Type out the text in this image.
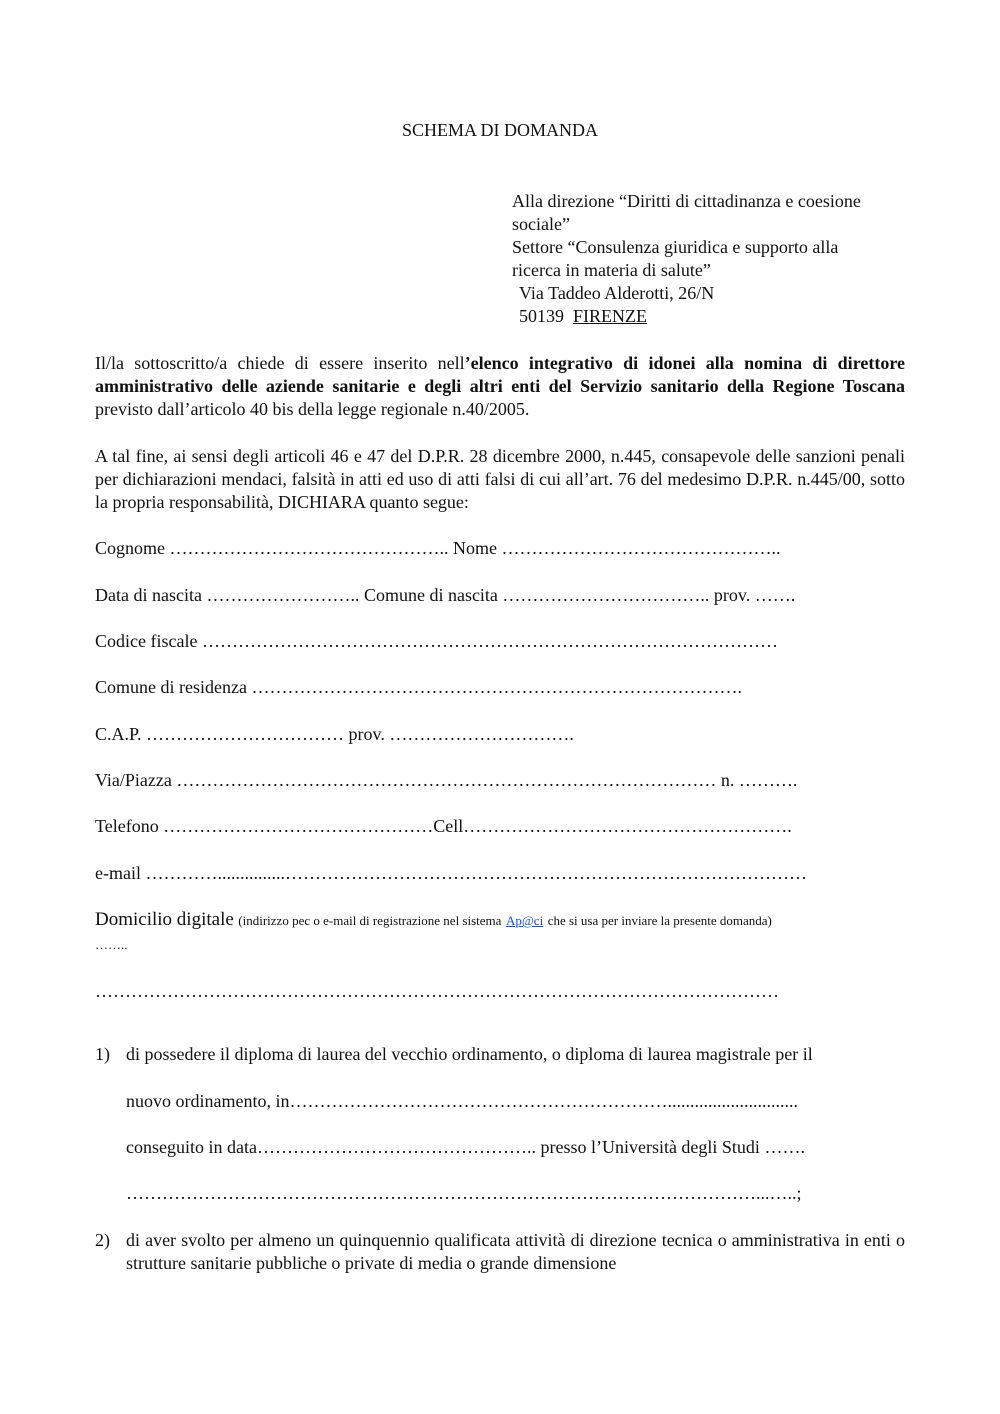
SCHEMA DI DOMANDA
Alla direzione “Diritti di cittadinanza e coesione
sociale”
Settore “Consulenza giuridica e supporto alla
ricerca in materia di salute”
Via Taddeo Alderotti, 26/N
50139 FIRENZE
Il/la sottoscritto/a chiede di essere inserito nell’elenco integrativo di idonei alla nomina di direttore amministrativo delle aziende sanitarie e degli altri enti del Servizio sanitario della Regione Toscana previsto dall’articolo 40 bis della legge regionale n.40/2005.
A tal fine, ai sensi degli articoli 46 e 47 del D.P.R. 28 dicembre 2000, n.445, consapevole delle sanzioni penali per dichiarazioni mendaci, falsità in atti ed uso di atti falsi di cui all’art. 76 del medesimo D.P.R. n.445/00, sotto la propria responsabilità, DICHIARA quanto segue:
Cognome ……………………………………….. Nome ………………………………………..
Data di nascita …………………….. Comune di nascita …………………………….. prov. …….
Codice fiscale ……………………………………………………………………………………
Comune di residenza ……………………………………………………………………….
C.A.P. …………………………… prov. ………………………….
Via/Piazza ……………………………………………………………………………… n. ……….
Telefono ………………………………………Cell……………………………………………….
e-mail …………...............……………………………………………………………………………
Domicilio digitale (indirizzo pec o e-mail di registrazione nel sistema Ap@ci che si usa per inviare la presente domanda)
……..
……………………………………………………………………………………………………
1) di possedere il diploma di laurea del vecchio ordinamento, o diploma di laurea magistrale per il
nuovo ordinamento, in……………………………………………………….............................
conseguito in data……………………………………….. presso l’Università degli Studi …….
……………………………………………………………………………………………...…..;
2) di aver svolto per almeno un quinquennio qualificata attività di direzione tecnica o amministrativa in enti o strutture sanitarie pubbliche o private di media o grande dimensione
